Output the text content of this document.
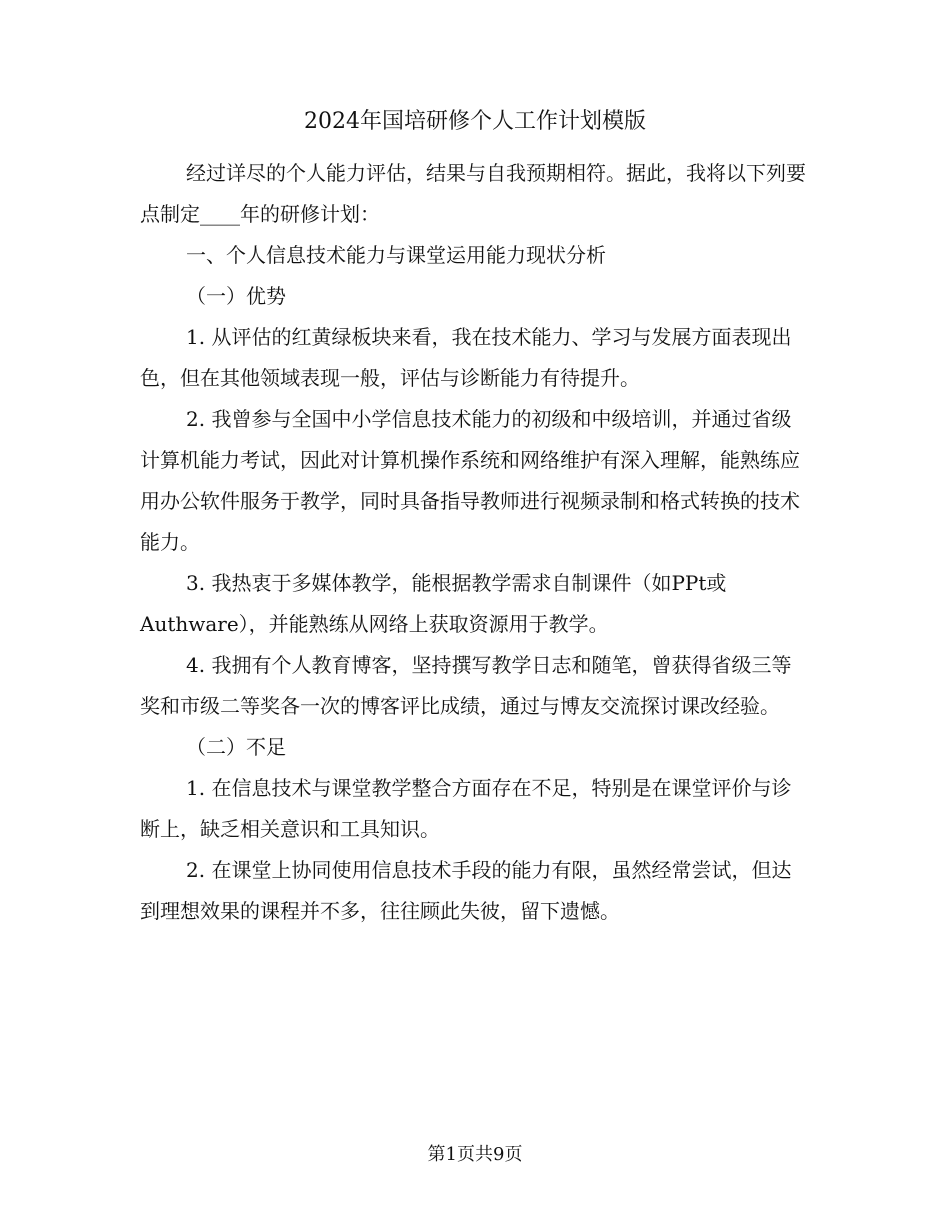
2024年国培研修个人工作计划模版

经过详尽的个人能力评估，结果与自我预期相符。据此，我将以下列要点制定____年的研修计划：

一、个人信息技术能力与课堂运用能力现状分析

（一）优势

1. 从评估的红黄绿板块来看，我在技术能力、学习与发展方面表现出色，但在其他领域表现一般，评估与诊断能力有待提升。

2. 我曾参与全国中小学信息技术能力的初级和中级培训，并通过省级计算机能力考试，因此对计算机操作系统和网络维护有深入理解，能熟练应用办公软件服务于教学，同时具备指导教师进行视频录制和格式转换的技术能力。

3. 我热衷于多媒体教学，能根据教学需求自制课件（如PPt或Authware），并能熟练从网络上获取资源用于教学。

4. 我拥有个人教育博客，坚持撰写教学日志和随笔，曾获得省级三等奖和市级二等奖各一次的博客评比成绩，通过与博友交流探讨课改经验。

（二）不足

1. 在信息技术与课堂教学整合方面存在不足，特别是在课堂评价与诊断上，缺乏相关意识和工具知识。

2. 在课堂上协同使用信息技术手段的能力有限，虽然经常尝试，但达到理想效果的课程并不多，往往顾此失彼，留下遗憾。

第1页共9页
